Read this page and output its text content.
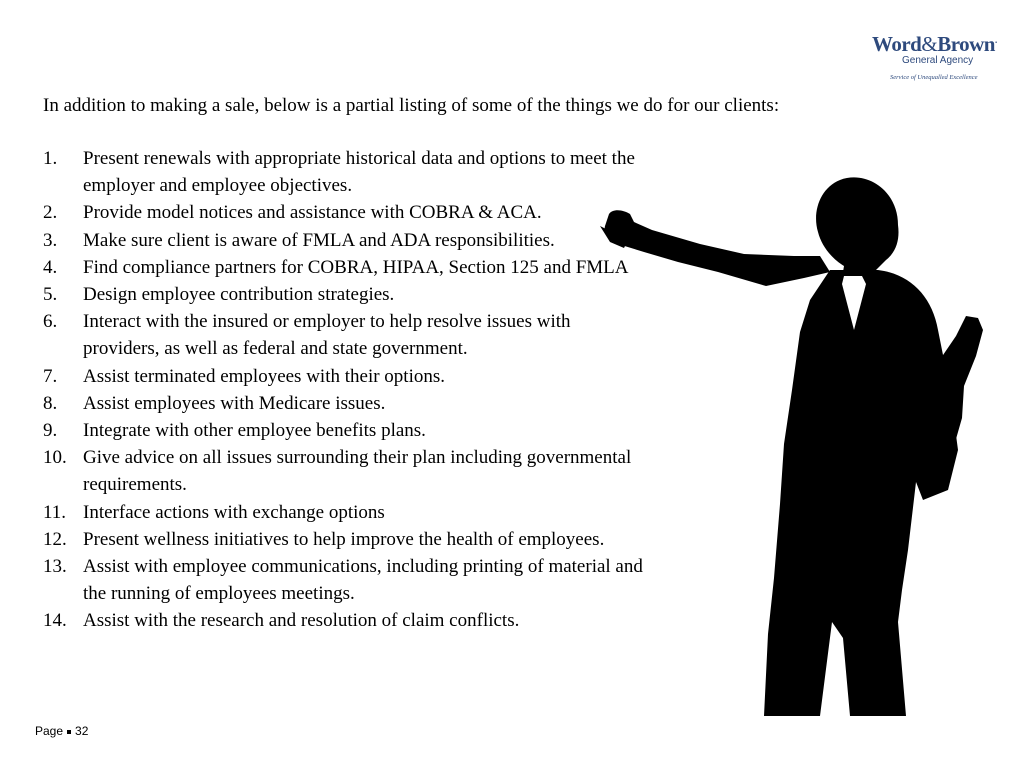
Word&Brown.
General Agency
Service of Unequalled Excellence
In addition to making a sale, below is a partial listing of some of the things we do for our clients:
1. Present renewals with appropriate historical data and options to meet the employer and employee objectives.
2. Provide model notices and assistance with COBRA & ACA.
3. Make sure client is aware of FMLA and ADA responsibilities.
4. Find compliance partners for COBRA, HIPAA, Section 125 and FMLA
5. Design employee contribution strategies.
6. Interact with the insured or employer to help resolve issues with providers, as well as federal and state government.
7. Assist terminated employees with their options.
8. Assist employees with Medicare issues.
9. Integrate with other employee benefits plans.
10. Give advice on all issues surrounding their plan including governmental requirements.
11. Interface actions with exchange options
12. Present wellness initiatives to help improve the health of employees.
13. Assist with employee communications, including printing of material and the running of employees meetings.
14. Assist with the research and resolution of claim conflicts.
Page 32
